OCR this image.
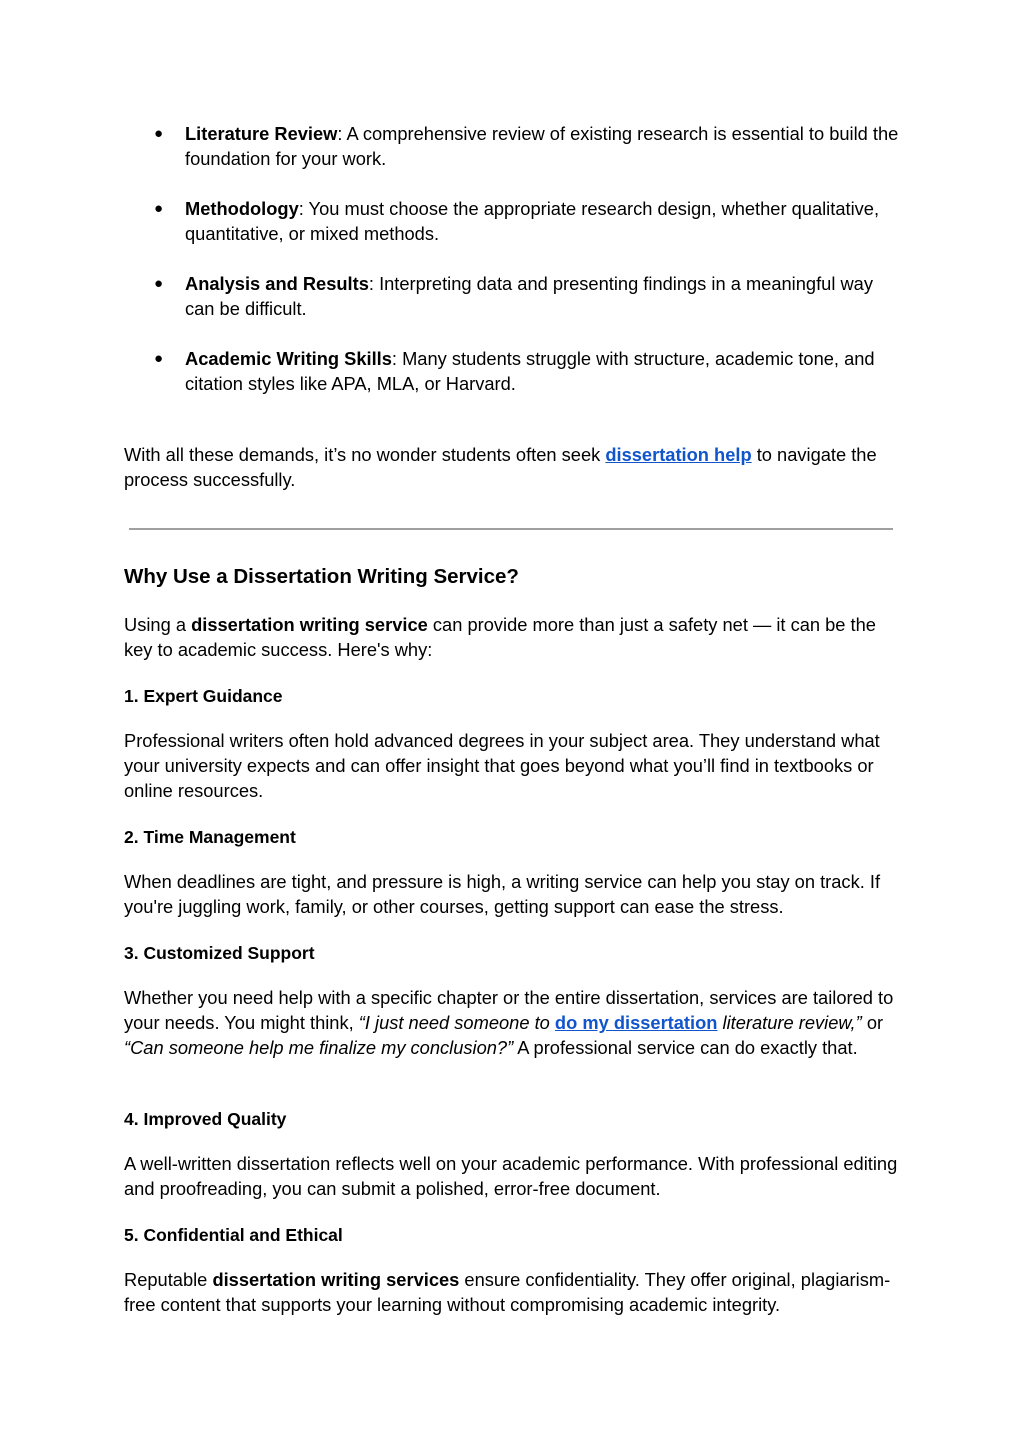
●	Literature Review: A comprehensive review of existing research is essential to build the foundation for your work.
●	Methodology: You must choose the appropriate research design, whether qualitative, quantitative, or mixed methods.
●	Analysis and Results: Interpreting data and presenting findings in a meaningful way can be difficult.
●	Academic Writing Skills: Many students struggle with structure, academic tone, and citation styles like APA, MLA, or Harvard.

With all these demands, it’s no wonder students often seek dissertation help to navigate the process successfully.

Why Use a Dissertation Writing Service?

Using a dissertation writing service can provide more than just a safety net — it can be the key to academic success. Here's why:

1. Expert Guidance

Professional writers often hold advanced degrees in your subject area. They understand what your university expects and can offer insight that goes beyond what you’ll find in textbooks or online resources.

2. Time Management

When deadlines are tight, and pressure is high, a writing service can help you stay on track. If you're juggling work, family, or other courses, getting support can ease the stress.

3. Customized Support

Whether you need help with a specific chapter or the entire dissertation, services are tailored to your needs. You might think, “I just need someone to do my dissertation literature review,” or “Can someone help me finalize my conclusion?” A professional service can do exactly that.

4. Improved Quality

A well-written dissertation reflects well on your academic performance. With professional editing and proofreading, you can submit a polished, error-free document.

5. Confidential and Ethical

Reputable dissertation writing services ensure confidentiality. They offer original, plagiarism-free content that supports your learning without compromising academic integrity.
